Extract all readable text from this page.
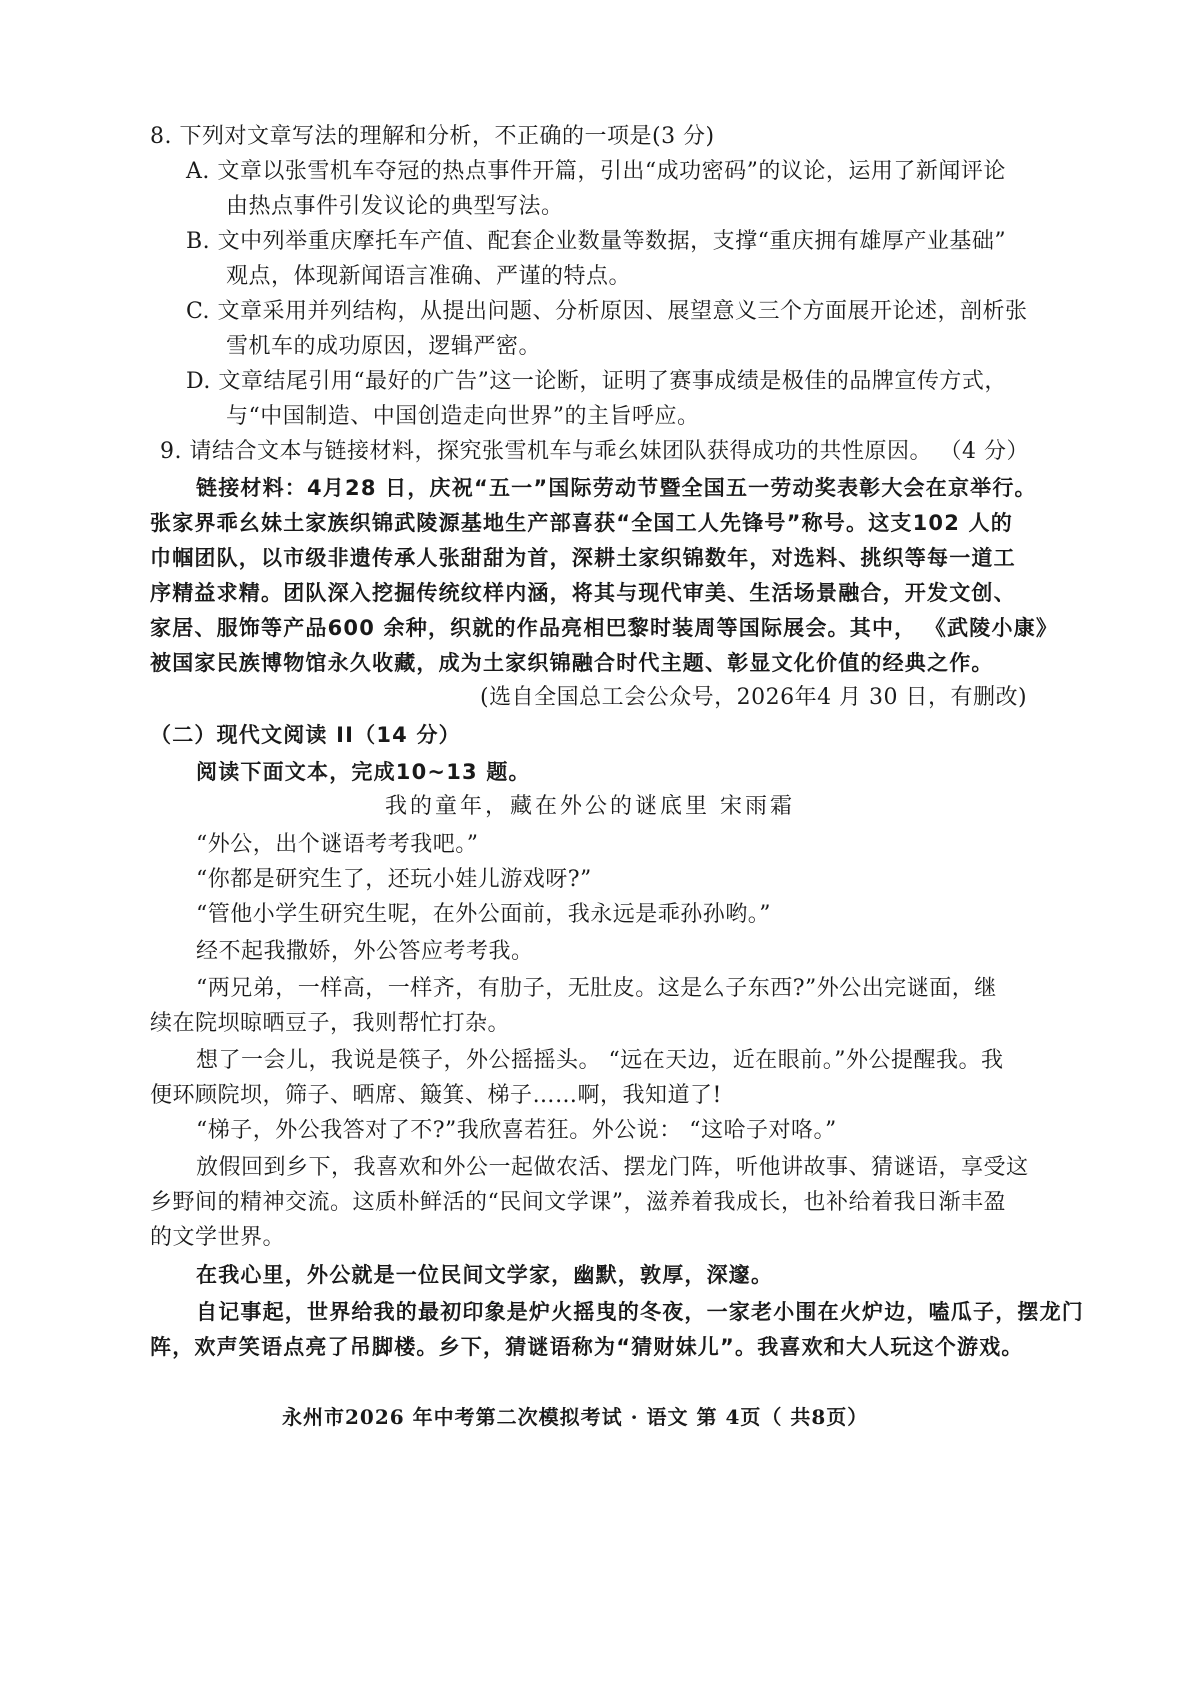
8. 下列对文章写法的理解和分析，不正确的一项是(3 分)
A. 文章以张雪机车夺冠的热点事件开篇，引出“成功密码”的议论，运用了新闻评论
由热点事件引发议论的典型写法。
B. 文中列举重庆摩托车产值、配套企业数量等数据，支撑“重庆拥有雄厚产业基础”
观点，体现新闻语言准确、严谨的特点。
C. 文章采用并列结构，从提出问题、分析原因、展望意义三个方面展开论述，剖析张
雪机车的成功原因，逻辑严密。
D. 文章结尾引用“最好的广告”这一论断，证明了赛事成绩是极佳的品牌宣传方式，
与“中国制造、中国创造走向世界”的主旨呼应。
9. 请结合文本与链接材料，探究张雪机车与乖幺妹团队获得成功的共性原因。 （4 分）
链接材料：4月28 日，庆祝“五一”国际劳动节暨全国五一劳动奖表彰大会在京举行。
张家界乖幺妹土家族织锦武陵源基地生产部喜获“全国工人先锋号”称号。这支102 人的
巾帼团队，以市级非遗传承人张甜甜为首，深耕土家织锦数年，对选料、挑织等每一道工
序精益求精。团队深入挖掘传统纹样内涵，将其与现代审美、生活场景融合，开发文创、
家居、服饰等产品600 余种，织就的作品亮相巴黎时装周等国际展会。其中， 《武陵小康》
被国家民族博物馆永久收藏，成为土家织锦融合时代主题、彰显文化价值的经典之作。
(选自全国总工会公众号，2026年4 月 30 日，有删改)
（二）现代文阅读 II（14 分）
阅读下面文本，完成10~13 题。
我的童年，藏在外公的谜底里 宋雨霜
“外公，出个谜语考考我吧。”
“你都是研究生了，还玩小娃儿游戏呀?”
“管他小学生研究生呢，在外公面前，我永远是乖孙孙哟。”
经不起我撒娇，外公答应考考我。
“两兄弟，一样高，一样齐，有肋子，无肚皮。这是么子东西?”外公出完谜面，继
续在院坝晾晒豆子，我则帮忙打杂。
想了一会儿，我说是筷子，外公摇摇头。 “远在天边，近在眼前。”外公提醒我。我
便环顾院坝，筛子、晒席、簸箕、梯子……啊，我知道了!
“梯子，外公我答对了不?”我欣喜若狂。外公说： “这哈子对咯。”
放假回到乡下，我喜欢和外公一起做农活、摆龙门阵，听他讲故事、猜谜语，享受这
乡野间的精神交流。这质朴鲜活的“民间文学课”，滋养着我成长，也补给着我日渐丰盈
的文学世界。
在我心里，外公就是一位民间文学家，幽默，敦厚，深邃。
自记事起，世界给我的最初印象是炉火摇曳的冬夜，一家老小围在火炉边，嗑瓜子，摆龙门
阵，欢声笑语点亮了吊脚楼。乡下，猜谜语称为“猜财妹儿”。我喜欢和大人玩这个游戏。
永州市2026 年中考第二次模拟考试 · 语文 第 4页（ 共8页）
